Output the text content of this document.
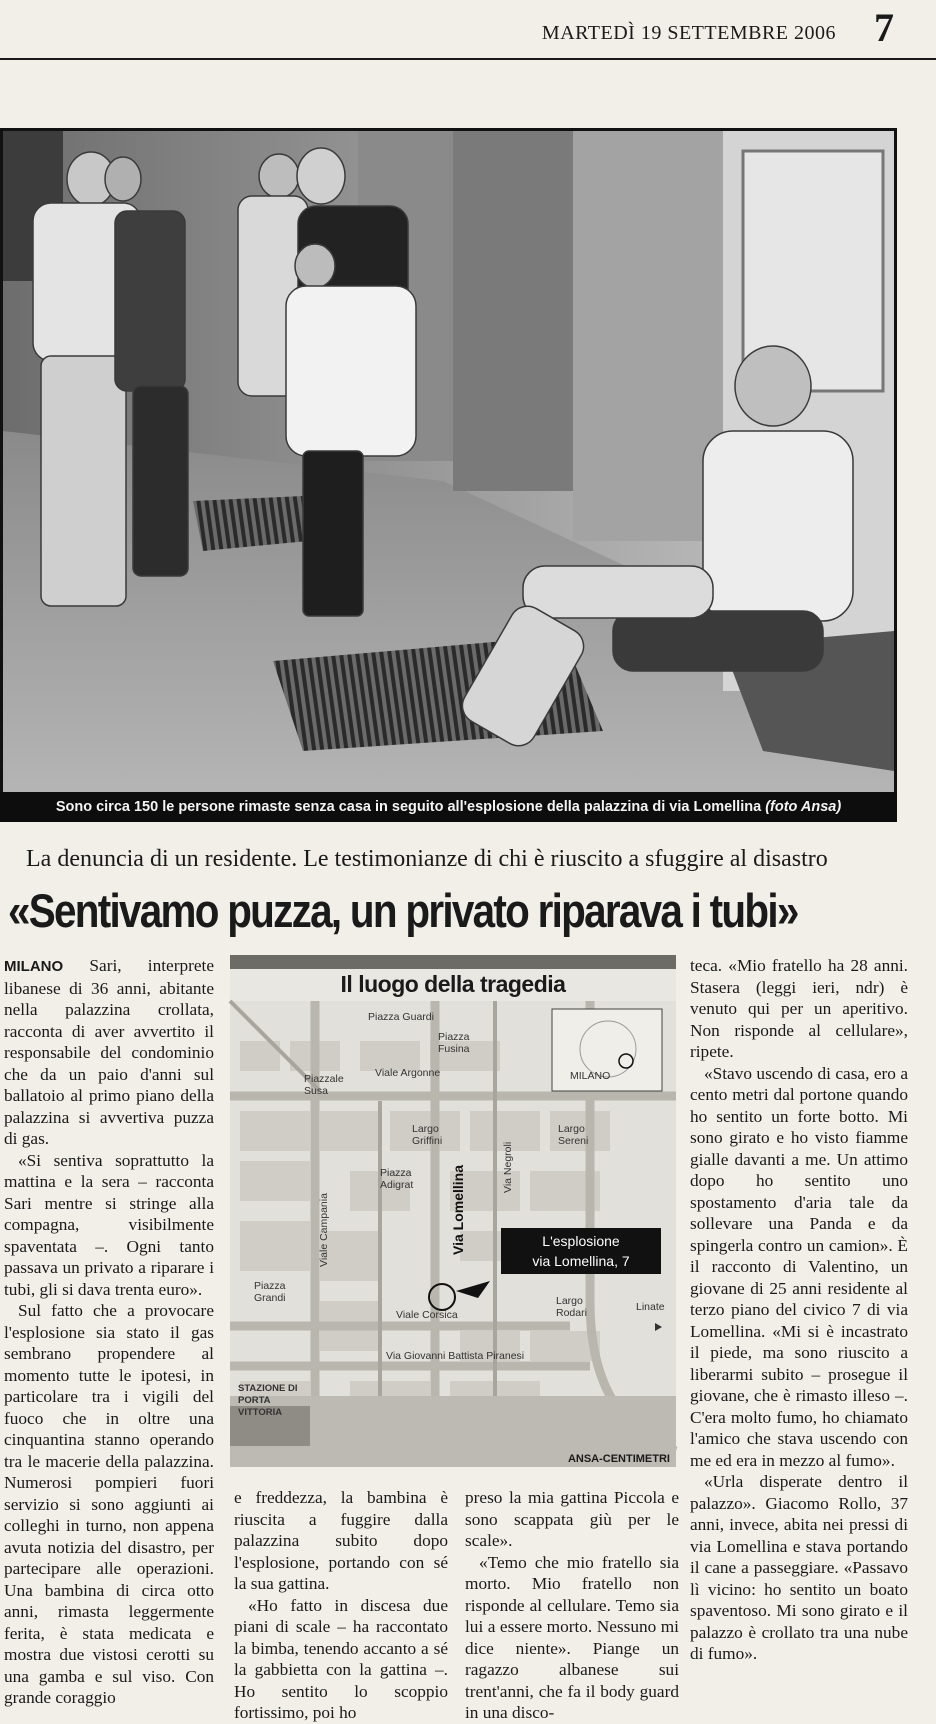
MARTEDÌ 19 SETTEMBRE 2006 7
Sono circa 150 le persone rimaste senza casa in seguito all'esplosione della palazzina di via Lomellina (foto Ansa)
La denuncia di un residente. Le testimonianze di chi è riuscito a sfuggire al disastro
«Sentivamo puzza, un privato riparava i tubi»

MILANO Sari, interprete libanese di 36 anni, abitante nella palazzina crollata, racconta di aver avvertito il responsabile del condominio che da un paio d'anni sul ballatoio al primo piano della palazzina si avvertiva puzza di gas.

«Si sentiva soprattutto la mattina e la sera – racconta Sari mentre si stringe alla compagna, visibilmente spaventata –. Ogni tanto passava un privato a riparare i tubi, gli si dava trenta euro».

Sul fatto che a provocare l'esplosione sia stato il gas sembrano propendere al momento tutte le ipotesi, in particolare tra i vigili del fuoco che in oltre una cinquantina stanno operando tra le macerie della palazzina. Numerosi pompieri fuori servizio si sono aggiunti ai colleghi in turno, non appena avuta notizia del disastro, per partecipare alle operazioni. Una bambina di circa otto anni, rimasta leggermente ferita, è stata medicata e mostra due vistosi cerotti su una gamba e sul viso. Con grande coraggio

Il luogo della tragedia
Piazza Guardi
Piazza Fusina
Piazzale Susa
Viale Argonne	MILANO
Largo Griffini
Largo Sereni
Piazza Adigrat	Via Negroli
Via Lomellina
Viale Campania	L'esplosione
via Lomellina, 7
Piazza Grandi
Viale Corsica
Largo Rodari	Linate
Via Giovanni Battista Piranesi
STAZIONE DI PORTA VITTORIA
ANSA-CENTIMETRI

e freddezza, la bambina è riuscita a fuggire dalla palazzina subito dopo l'esplosione, portando con sé la sua gattina.

«Ho fatto in discesa due piani di scale – ha raccontato la bimba, tenendo accanto a sé la gabbietta con la gattina –. Ho sentito lo scoppio fortissimo, poi ho

preso la mia gattina Piccola e sono scappata giù per le scale».

«Temo che mio fratello sia morto. Mio fratello non risponde al cellulare. Temo sia lui a essere morto. Nessuno mi dice niente». Piange un ragazzo albanese sui trent'anni, che fa il body guard in una disco-

teca. «Mio fratello ha 28 anni. Stasera (leggi ieri, ndr) è venuto qui per un aperitivo. Non risponde al cellulare», ripete.

«Stavo uscendo di casa, ero a cento metri dal portone quando ho sentito un forte botto. Mi sono girato e ho visto fiamme gialle davanti a me. Un attimo dopo ho sentito uno spostamento d'aria tale da sollevare una Panda e da spingerla contro un camion». È il racconto di Valentino, un giovane di 25 anni residente al terzo piano del civico 7 di via Lomellina. «Mi si è incastrato il piede, ma sono riuscito a liberarmi subito – prosegue il giovane, che è rimasto illeso –. C'era molto fumo, ho chiamato l'amico che stava uscendo con me ed era in mezzo al fumo».

«Urla disperate dentro il palazzo». Giacomo Rollo, 37 anni, invece, abita nei pressi di via Lomellina e stava portando il cane a passeggiare. «Passavo lì vicino: ho sentito un boato spaventoso. Mi sono girato e il palazzo è crollato tra una nube di fumo».
